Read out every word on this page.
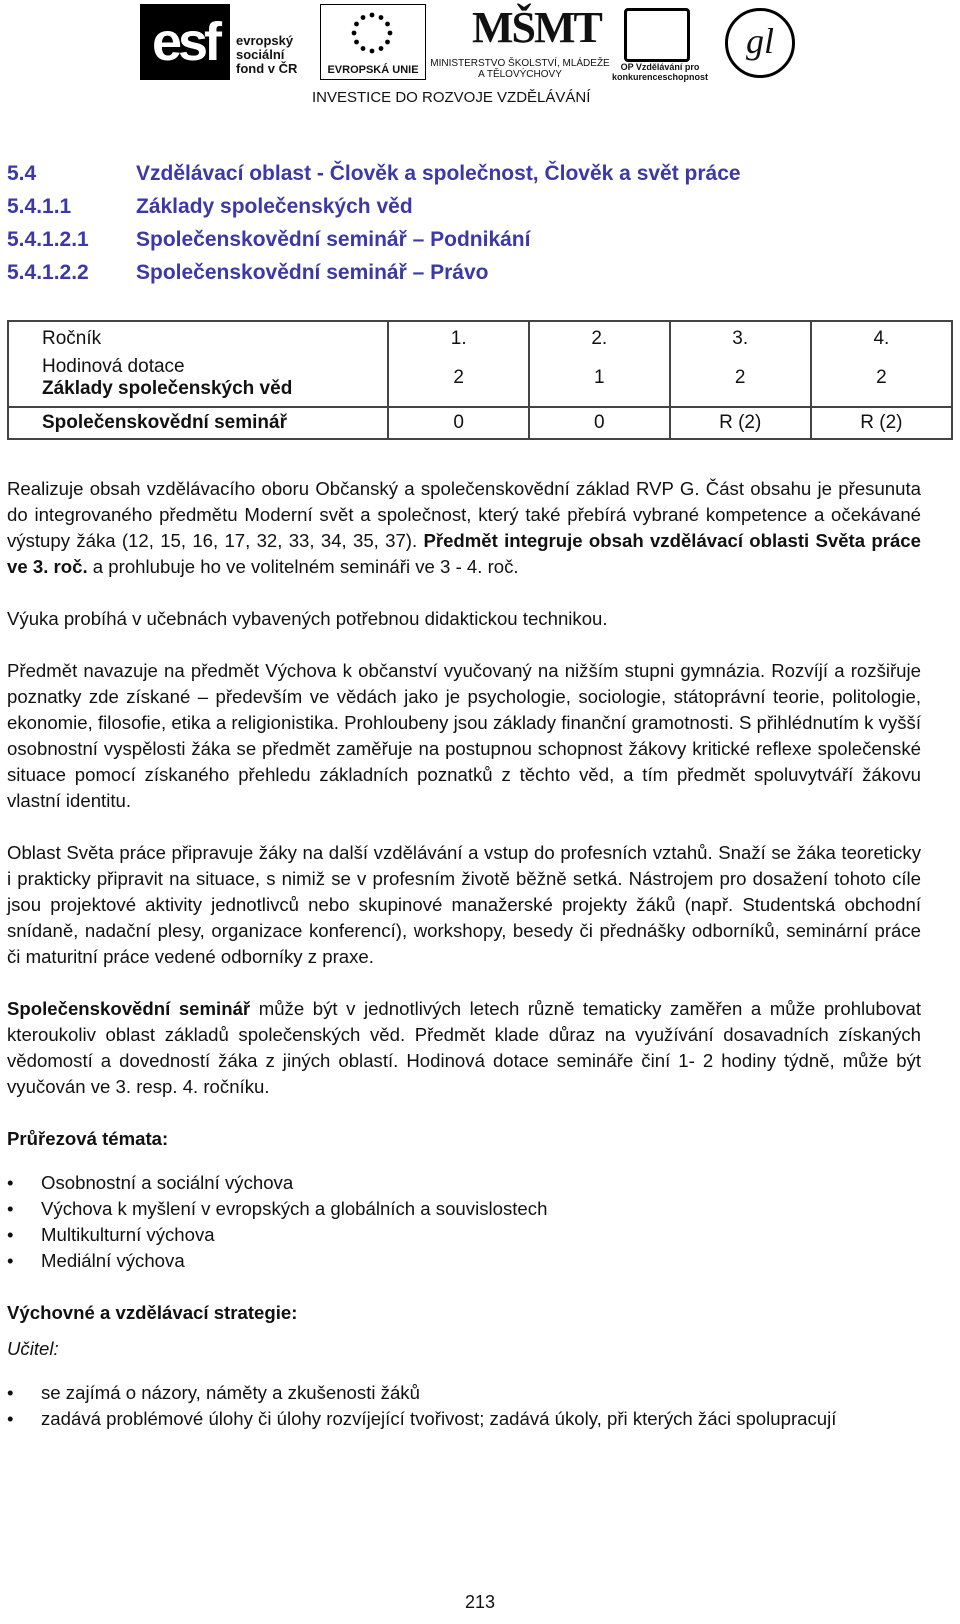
esf	evropský sociální fond v ČR	EVROPSKÁ UNIE
MŠMT
MINISTERSTVO ŠKOLSTVÍ, MLÁDEŽE A TĚLOVÝCHOVY
OP Vzdělávání pro konkurenceschopnost
gl
INVESTICE DO ROZVOJE VZDĚLÁVÁNÍ
5.4	Vzdělávací oblast - Člověk a společnost, Člověk a svět práce
5.4.1.1	Základy společenských věd
5.4.1.2.1	Společenskovědní seminář – Podnikání
5.4.1.2.2	Společenskovědní seminář – Právo
Ročník	1.	2.	3.	4.

Hodinová dotace
Základy společenských věd	2	1	2	2
Společenskovědní seminář	0	0	R (2)	R (2)

Realizuje obsah vzdělávacího oboru Občanský a společenskovědní základ RVP G. Část obsahu je přesunuta do integrovaného předmětu Moderní svět a společnost, který také přebírá vybrané kompetence a očekávané výstupy žáka (12, 15, 16, 17, 32, 33, 34, 35, 37). Předmět integruje obsah vzdělávací oblasti Světa práce ve 3. roč. a prohlubuje ho ve volitelném semináři ve 3 - 4. roč.

Výuka probíhá v učebnách vybavených potřebnou didaktickou technikou.

Předmět navazuje na předmět Výchova k občanství vyučovaný na nižším stupni gymnázia. Rozvíjí a rozšiřuje poznatky zde získané – především ve vědách jako je psychologie, sociologie, státoprávní teorie, politologie, ekonomie, filosofie, etika a religionistika. Prohloubeny jsou základy finanční gramotnosti. S přihlédnutím k vyšší osobnostní vyspělosti žáka se předmět zaměřuje na postupnou schopnost žákovy kritické reflexe společenské situace pomocí získaného přehledu základních poznatků z těchto věd, a tím předmět spoluvytváří žákovu vlastní identitu.

Oblast Světa práce připravuje žáky na další vzdělávání a vstup do profesních vztahů. Snaží se žáka teoreticky i prakticky připravit na situace, s nimiž se v profesním životě běžně setká. Nástrojem pro dosažení tohoto cíle jsou projektové aktivity jednotlivců nebo skupinové manažerské projekty žáků (např. Studentská obchodní snídaně, nadační plesy, organizace konferencí), workshopy, besedy či přednášky odborníků, seminární práce či maturitní práce vedené odborníky z praxe.

Společenskovědní seminář může být v jednotlivých letech různě tematicky zaměřen a může prohlubovat kteroukoliv oblast základů společenských věd. Předmět klade důraz na využívání dosavadních získaných vědomostí a dovedností žáka z jiných oblastí. Hodinová dotace semináře činí 1- 2 hodiny týdně, může být vyučován ve 3. resp. 4. ročníku.

Průřezová témata:
• Osobnostní a sociální výchova
• Výchova k myšlení v evropských a globálních a souvislostech
• Multikulturní výchova
• Mediální výchova
Výchovné a vzdělávací strategie:
Učitel:
• se zajímá o názory, náměty a zkušenosti žáků
• zadává problémové úlohy či úlohy rozvíjející tvořivost; zadává úkoly, při kterých žáci spolupracují
213
